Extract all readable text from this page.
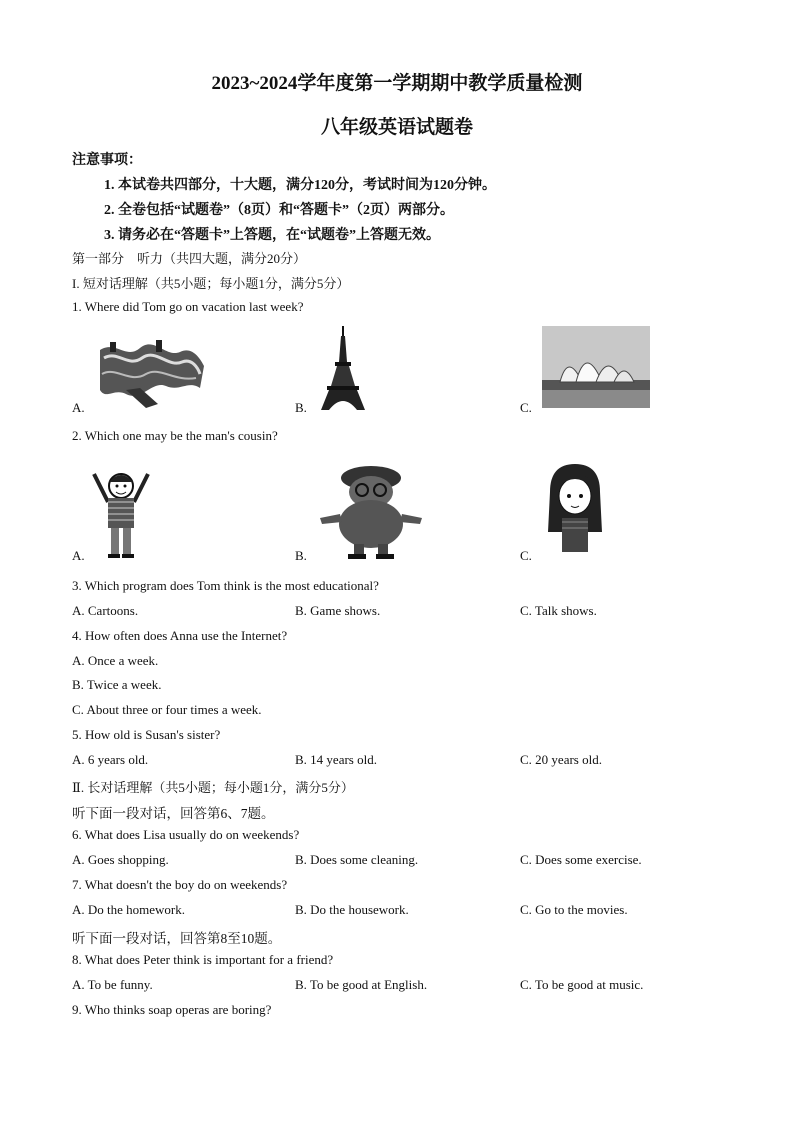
2023~2024学年度第一学期期中教学质量检测
八年级英语试题卷
注意事项：
1. 本试卷共四部分，十大题，满分120分，考试时间为120分钟。
2. 全卷包括“试题卷”（8页）和“答题卡”（2页）两部分。
3. 请务必在“答题卡”上答题，在“试题卷”上答题无效。
第一部分　听力（共四大题，满分20分）
I. 短对话理解（共5小题；每小题1分，满分5分）
1. Where did Tom go on vacation last week?
A.	B.	C.
2. Which one may be the man's cousin?
A.	B.	C.
3. Which program does Tom think is the most educational?
A. Cartoons.	B. Game shows.	C. Talk shows.
4. How often does Anna use the Internet?
A. Once a week.
B. Twice a week.
C. About three or four times a week.
5. How old is Susan's sister?
A. 6 years old.	B. 14 years old.	C. 20 years old.
Ⅱ. 长对话理解（共5小题；每小题1分，满分5分）
听下面一段对话，回答第6、7题。
6. What does Lisa usually do on weekends?
A. Goes shopping.	B. Does some cleaning.	C. Does some exercise.
7. What doesn't the boy do on weekends?
A. Do the homework.	B. Do the housework.	C. Go to the movies.
听下面一段对话，回答第8至10题。
8. What does Peter think is important for a friend?
A. To be funny.	B. To be good at English.	C. To be good at music.
9. Who thinks soap operas are boring?
